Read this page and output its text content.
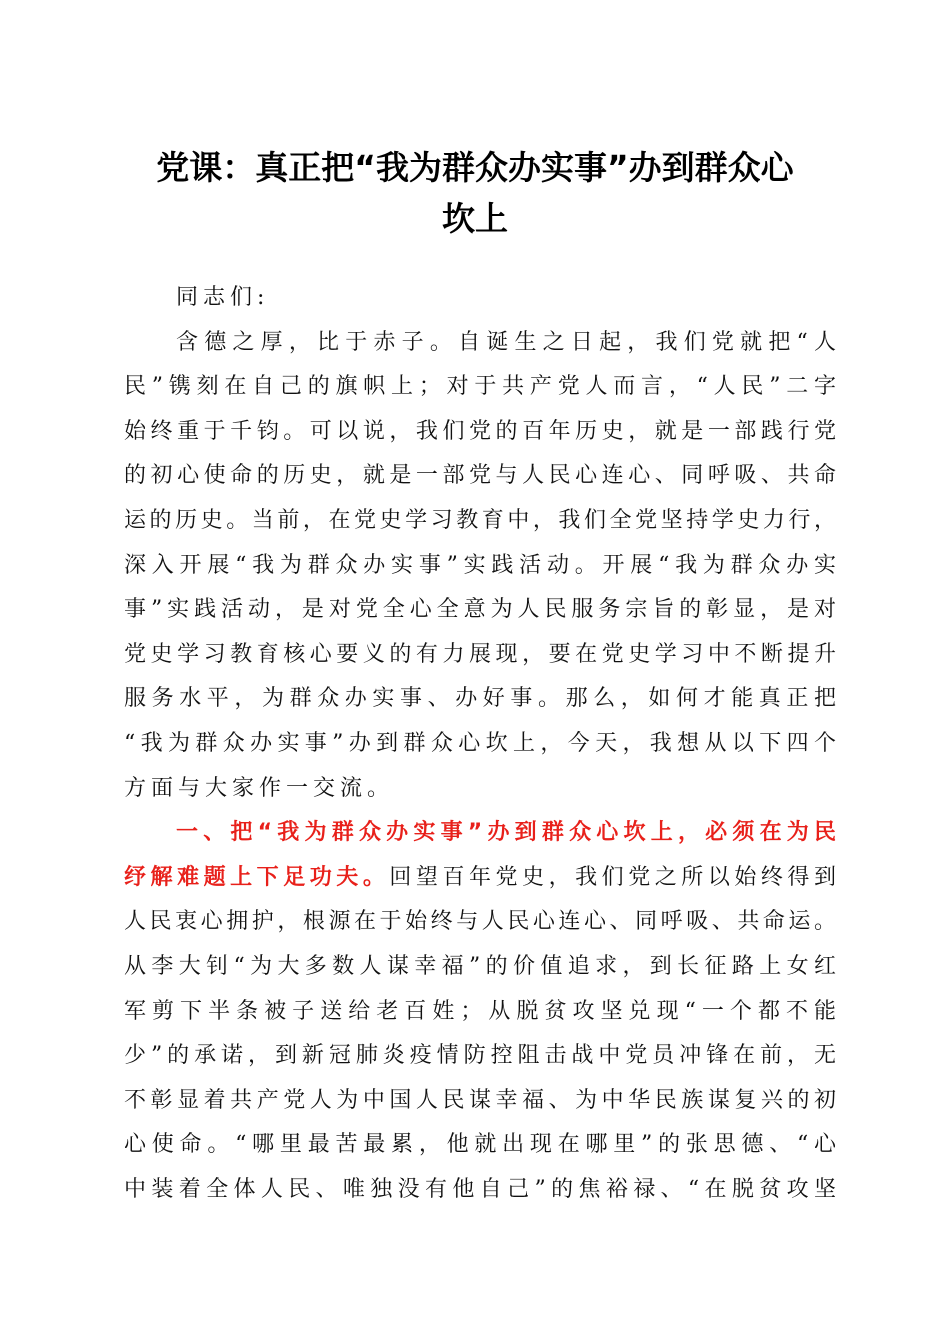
党课：真正把“我为群众办实事”办到群众心
坎上
同志们:
含德之厚，比于赤子。自诞生之日起，我们党就把“人
民”镌刻在自己的旗帜上；对于共产党人而言，“人民”二字
始终重于千钧。可以说，我们党的百年历史，就是一部践行党
的初心使命的历史，就是一部党与人民心连心、同呼吸、共命
运的历史。当前，在党史学习教育中，我们全党坚持学史力行，
深入开展“我为群众办实事”实践活动。开展“我为群众办实
事”实践活动，是对党全心全意为人民服务宗旨的彰显，是对
党史学习教育核心要义的有力展现，要在党史学习中不断提升
服务水平，为群众办实事、办好事。那么，如何才能真正把
“我为群众办实事”办到群众心坎上，今天，我想从以下四个
方面与大家作一交流。
一、把“我为群众办实事”办到群众心坎上，必须在为民
纾解难题上下足功夫。回望百年党史，我们党之所以始终得到
人民衷心拥护，根源在于始终与人民心连心、同呼吸、共命运。
从李大钊“为大多数人谋幸福”的价值追求，到长征路上女红
军剪下半条被子送给老百姓；从脱贫攻坚兑现“一个都不能
少”的承诺，到新冠肺炎疫情防控阻击战中党员冲锋在前，无
不彰显着共产党人为中国人民谋幸福、为中华民族谋复兴的初
心使命。“哪里最苦最累，他就出现在哪里”的张思德、“心
中装着全体人民、唯独没有他自己”的焦裕禄、“在脱贫攻坚
